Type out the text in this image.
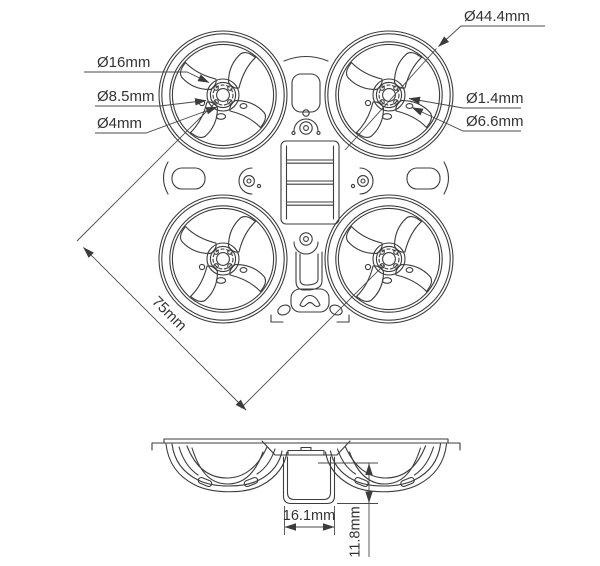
Ø16mm
Ø8.5mm
Ø4mm
Ø44.4mm
Ø1.4mm
Ø6.6mm
75mm
16.1mm 11.8mm
